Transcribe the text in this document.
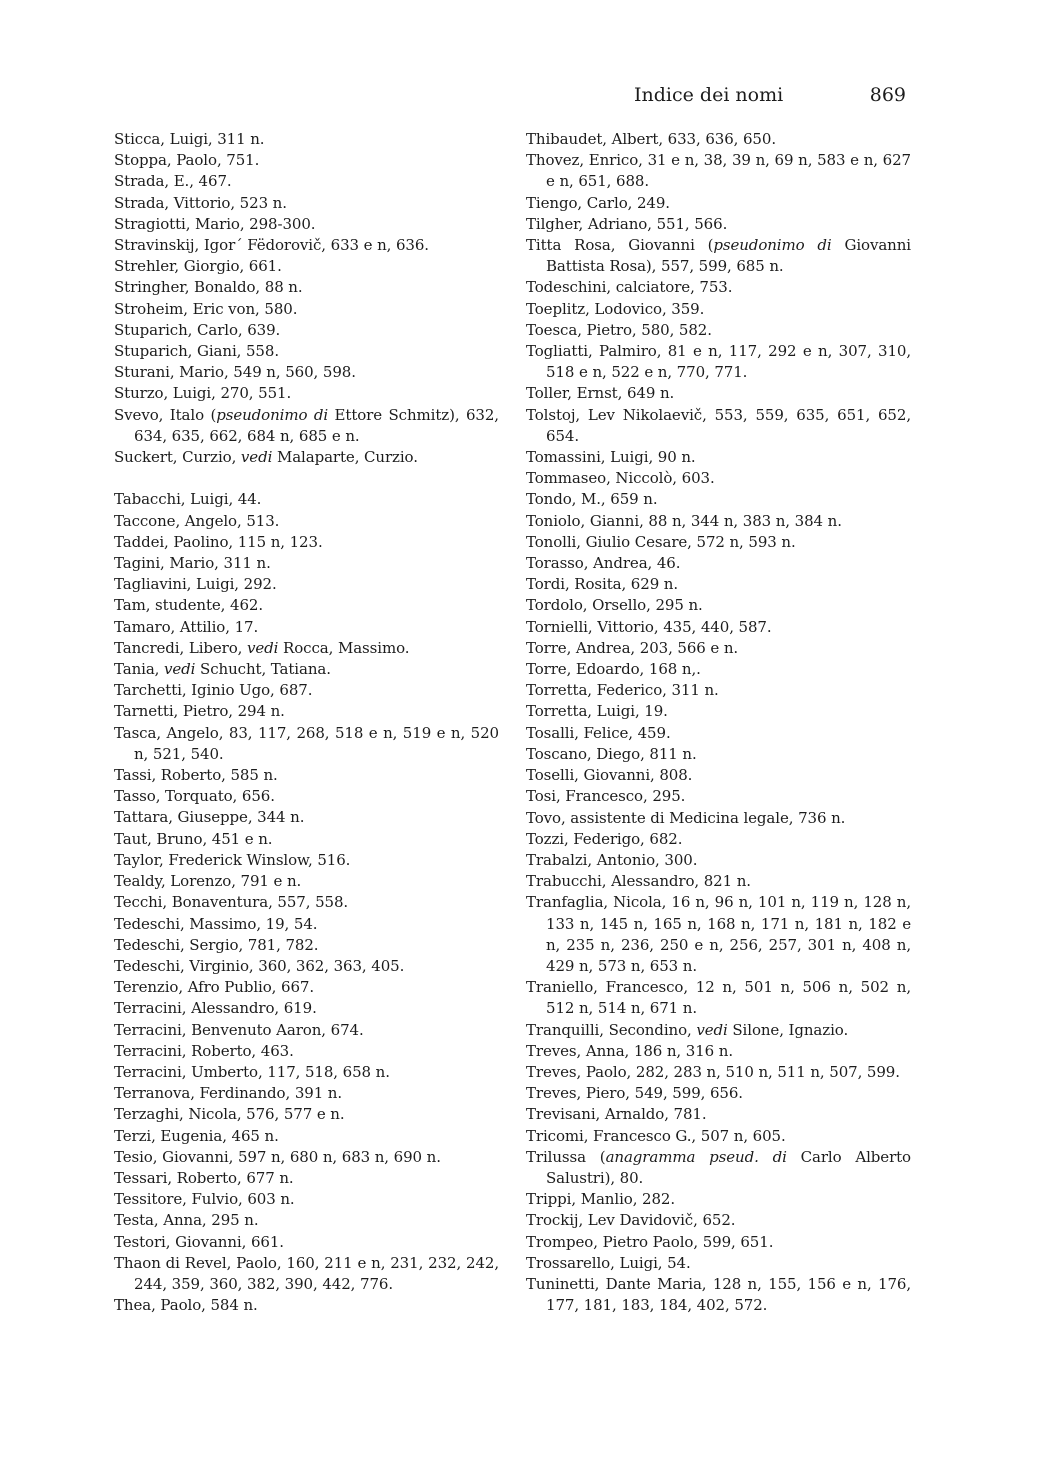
Indice dei nomi	869

Sticca, Luigi, 311 n.

Stoppa, Paolo, 751.

Strada, E., 467.

Strada, Vittorio, 523 n.

Stragiotti, Mario, 298-300.

Stravinskij, Igor´ Fëdorovič, 633 e n, 636.

Strehler, Giorgio, 661.

Stringher, Bonaldo, 88 n.

Stroheim, Eric von, 580.

Stuparich, Carlo, 639.

Stuparich, Giani, 558.

Sturani, Mario, 549 n, 560, 598.

Sturzo, Luigi, 270, 551.

Svevo, Italo (pseudonimo di Ettore Schmitz), 632, 634, 635, 662, 684 n, 685 e n.

Suckert, Curzio, vedi Malaparte, Curzio.

Tabacchi, Luigi, 44.

Taccone, Angelo, 513.

Taddei, Paolino, 115 n, 123.

Tagini, Mario, 311 n.

Tagliavini, Luigi, 292.

Tam, studente, 462.

Tamaro, Attilio, 17.

Tancredi, Libero, vedi Rocca, Massimo.

Tania, vedi Schucht, Tatiana.

Tarchetti, Iginio Ugo, 687.

Tarnetti, Pietro, 294 n.

Tasca, Angelo, 83, 117, 268, 518 e n, 519 e n, 520 n, 521, 540.

Tassi, Roberto, 585 n.

Tasso, Torquato, 656.

Tattara, Giuseppe, 344 n.

Taut, Bruno, 451 e n.

Taylor, Frederick Winslow, 516.

Tealdy, Lorenzo, 791 e n.

Tecchi, Bonaventura, 557, 558.

Tedeschi, Massimo, 19, 54.

Tedeschi, Sergio, 781, 782.

Tedeschi, Virginio, 360, 362, 363, 405.

Terenzio, Afro Publio, 667.

Terracini, Alessandro, 619.

Terracini, Benvenuto Aaron, 674.

Terracini, Roberto, 463.

Terracini, Umberto, 117, 518, 658 n.

Terranova, Ferdinando, 391 n.

Terzaghi, Nicola, 576, 577 e n.

Terzi, Eugenia, 465 n.

Tesio, Giovanni, 597 n, 680 n, 683 n, 690 n.

Tessari, Roberto, 677 n.

Tessitore, Fulvio, 603 n.

Testa, Anna, 295 n.

Testori, Giovanni, 661.

Thaon di Revel, Paolo, 160, 211 e n, 231, 232, 242, 244, 359, 360, 382, 390, 442, 776.

Thea, Paolo, 584 n.

Thibaudet, Albert, 633, 636, 650.

Thovez, Enrico, 31 e n, 38, 39 n, 69 n, 583 e n, 627 e n, 651, 688.

Tiengo, Carlo, 249.

Tilgher, Adriano, 551, 566.

Titta Rosa, Giovanni (pseudonimo di Giovanni Battista Rosa), 557, 599, 685 n.

Todeschini, calciatore, 753.

Toeplitz, Lodovico, 359.

Toesca, Pietro, 580, 582.

Togliatti, Palmiro, 81 e n, 117, 292 e n, 307, 310, 518 e n, 522 e n, 770, 771.

Toller, Ernst, 649 n.

Tolstoj, Lev Nikolaevič, 553, 559, 635, 651, 652, 654.

Tomassini, Luigi, 90 n.

Tommaseo, Niccolò, 603.

Tondo, M., 659 n.

Toniolo, Gianni, 88 n, 344 n, 383 n, 384 n.

Tonolli, Giulio Cesare, 572 n, 593 n.

Torasso, Andrea, 46.

Tordi, Rosita, 629 n.

Tordolo, Orsello, 295 n.

Tornielli, Vittorio, 435, 440, 587.

Torre, Andrea, 203, 566 e n.

Torre, Edoardo, 168 n,.

Torretta, Federico, 311 n.

Torretta, Luigi, 19.

Tosalli, Felice, 459.

Toscano, Diego, 811 n.

Toselli, Giovanni, 808.

Tosi, Francesco, 295.

Tovo, assistente di Medicina legale, 736 n.

Tozzi, Federigo, 682.

Trabalzi, Antonio, 300.

Trabucchi, Alessandro, 821 n.

Tranfaglia, Nicola, 16 n, 96 n, 101 n, 119 n, 128 n, 133 n, 145 n, 165 n, 168 n, 171 n, 181 n, 182 e n, 235 n, 236, 250 e n, 256, 257, 301 n, 408 n, 429 n, 573 n, 653 n.

Traniello, Francesco, 12 n, 501 n, 506 n, 502 n, 512 n, 514 n, 671 n.

Tranquilli, Secondino, vedi Silone, Ignazio.

Treves, Anna, 186 n, 316 n.

Treves, Paolo, 282, 283 n, 510 n, 511 n, 507, 599.

Treves, Piero, 549, 599, 656.

Trevisani, Arnaldo, 781.

Tricomi, Francesco G., 507 n, 605.

Trilussa (anagramma pseud. di Carlo Alberto Salustri), 80.

Trippi, Manlio, 282.

Trockij, Lev Davidovič, 652.

Trompeo, Pietro Paolo, 599, 651.

Trossarello, Luigi, 54.

Tuninetti, Dante Maria, 128 n, 155, 156 e n, 176, 177, 181, 183, 184, 402, 572.
